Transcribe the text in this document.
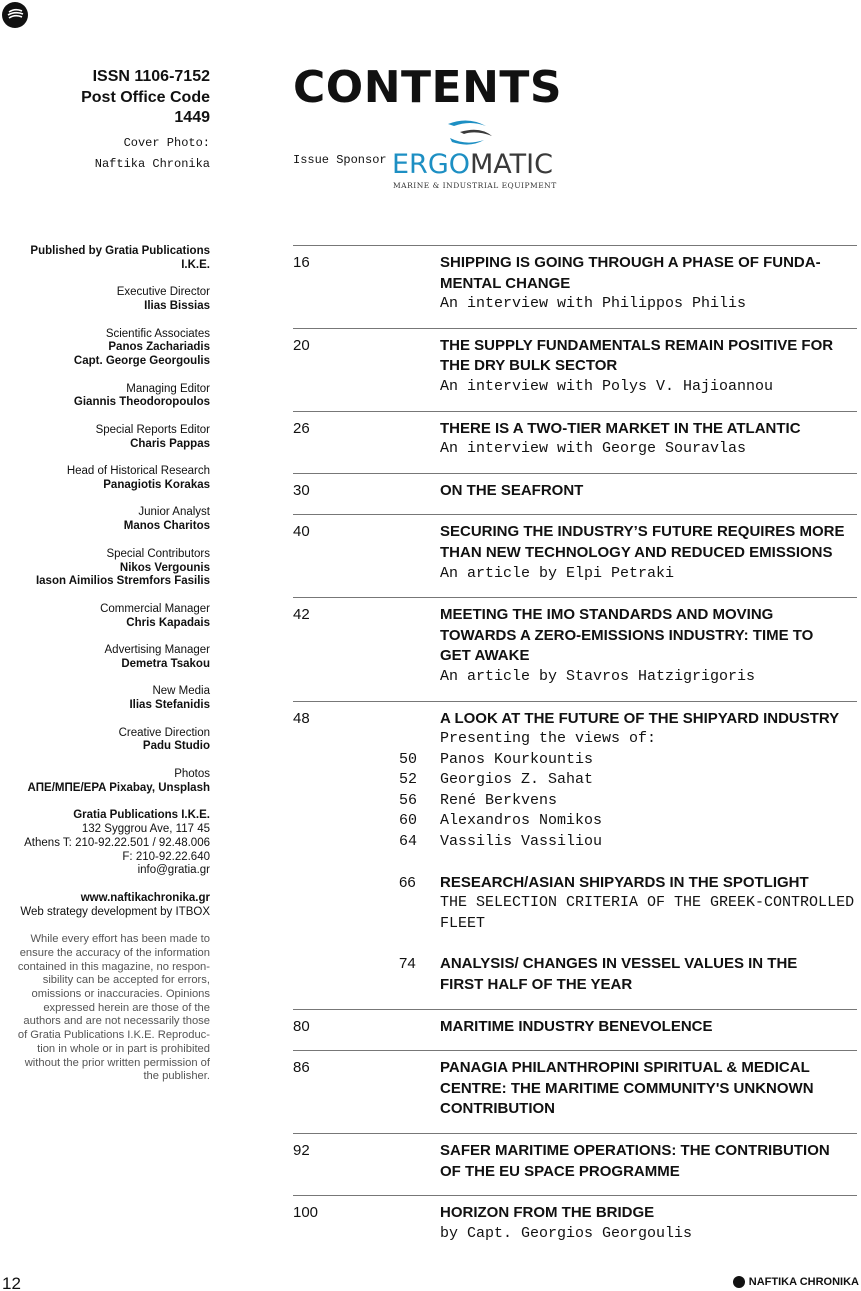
ISSN 1106-7152
Post Office Code
1449
Cover Photo:
Naftika Chronika
CONTENTS
Issue Sponsor ERGOMATIC
MARINE & INDUSTRIAL EQUIPMENT
Published by Gratia Publications
I.K.E.
Executive Director
Ilias Bissias
Scientific Associates
Panos Zachariadis
Capt. George Georgoulis
Managing Editor
Giannis Theodoropoulos
Special Reports Editor
Charis Pappas
Head of Historical Research
Panagiotis Korakas
Junior Analyst
Manos Charitos
Special Contributors
Nikos Vergounis
Iason Aimilios Stremfors Fasilis
Commercial Manager
Chris Kapadais
Advertising Manager
Demetra Tsakou
New Media
Ilias Stefanidis
Creative Direction
Padu Studio
Photos
ΑΠΕ/ΜΠΕ/EPA Pixabay, Unsplash
Gratia Publications I.K.E.
132 Syggrou Ave, 117 45
Athens T: 210-92.22.501 / 92.48.006
F: 210-92.22.640
info@gratia.gr
www.naftikachronika.gr
Web strategy development by ITBOX
While every effort has been made to
ensure the accuracy of the information
contained in this magazine, no respon-
sibility can be accepted for errors,
omissions or inaccuracies. Opinions
expressed herein are those of the
authors and are not necessarily those
of Gratia Publications I.K.E. Reproduc-
tion in whole or in part is prohibited
without the prior written permission of
the publisher.
16	SHIPPING IS GOING THROUGH A PHASE OF FUNDA-
MENTAL CHANGE
An interview with Philippos Philis
20	THE SUPPLY FUNDAMENTALS REMAIN POSITIVE FOR
THE DRY BULK SECTOR
An interview with Polys V. Hajioannou
26	THERE IS A TWO-TIER MARKET IN THE ATLANTIC
An interview with George Souravlas
30	ON THE SEAFRONT
40	SECURING THE INDUSTRY’S FUTURE REQUIRES MORE
THAN NEW TECHNOLOGY AND REDUCED EMISSIONS
An article by Elpi Petraki
42	MEETING THE IMO STANDARDS AND MOVING
TOWARDS A ZERO-EMISSIONS INDUSTRY: TIME TO
GET AWAKE
An article by Stavros Hatzigrigoris
48	A LOOK AT THE FUTURE OF THE SHIPYARD INDUSTRY
Presenting the views of:
50 Panos Kourkountis
52 Georgios Z. Sahat
56 René Berkvens
60 Alexandros Nomikos
64 Vassilis Vassiliou
66 RESEARCH/ASIAN SHIPYARDS IN THE SPOTLIGHT
THE SELECTION CRITERIA OF THE GREEK-CONTROLLED
FLEET
74 ANALYSIS/ CHANGES IN VESSEL VALUES IN THE
FIRST HALF OF THE YEAR
80	MARITIME INDUSTRY BENEVOLENCE
86	PANAGIA PHILANTHROPINI SPIRITUAL & MEDICAL
CENTRE: THE MARITIME COMMUNITY'S UNKNOWN
CONTRIBUTION
92	SAFER MARITIME OPERATIONS: THE CONTRIBUTION
OF THE EU SPACE PROGRAMME
100	HORIZON FROM THE BRIDGE
by Capt. Georgios Georgoulis
12	NAFTIKA CHRONIKA
